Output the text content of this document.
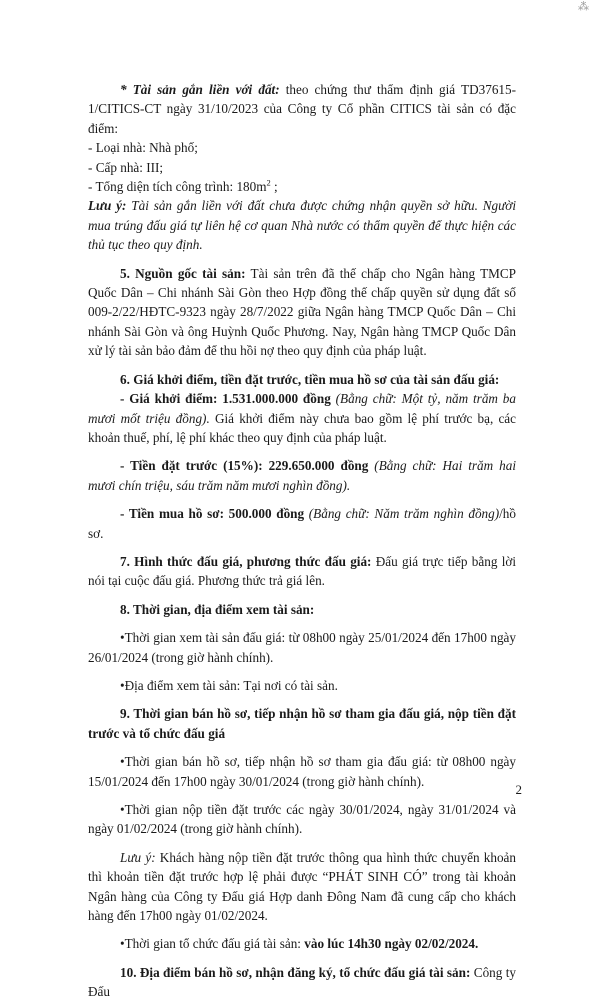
⁂

* Tài sản gắn liền với đất: theo chứng thư thẩm định giá TD37615-1/CITICS-CT ngày 31/10/2023 của Công ty Cổ phần CITICS tài sản có đặc điểm:

- Loại nhà: Nhà phố;

- Cấp nhà: III;

- Tổng diện tích công trình: $180m^2$ ;

Lưu ý: Tài sản gắn liền với đất chưa được chứng nhận quyền sở hữu. Người mua trúng đấu giá tự liên hệ cơ quan Nhà nước có thẩm quyền để thực hiện các thủ tục theo quy định.

5. Nguồn gốc tài sản: Tài sản trên đã thế chấp cho Ngân hàng TMCP Quốc Dân – Chi nhánh Sài Gòn theo Hợp đồng thế chấp quyền sử dụng đất số 009-2/22/HĐTC-9323 ngày 28/7/2022 giữa Ngân hàng TMCP Quốc Dân – Chi nhánh Sài Gòn và ông Huỳnh Quốc Phương. Nay, Ngân hàng TMCP Quốc Dân xử lý tài sản bảo đảm để thu hồi nợ theo quy định của pháp luật.

6. Giá khởi điểm, tiền đặt trước, tiền mua hồ sơ của tài sản đấu giá:

- Giá khởi điểm: 1.531.000.000 đồng (Bằng chữ: Một tỷ, năm trăm ba mươi mốt triệu đồng). Giá khởi điểm này chưa bao gồm lệ phí trước bạ, các khoản thuế, phí, lệ phí khác theo quy định của pháp luật.

- Tiền đặt trước (15%): 229.650.000 đồng (Bằng chữ: Hai trăm hai mươi chín triệu, sáu trăm năm mươi nghìn đồng).

- Tiền mua hồ sơ: 500.000 đồng (Bằng chữ: Năm trăm nghìn đồng)/hồ sơ.

7. Hình thức đấu giá, phương thức đấu giá: Đấu giá trực tiếp bằng lời nói tại cuộc đấu giá. Phương thức trả giá lên.

8. Thời gian, địa điểm xem tài sản:

•Thời gian xem tài sản đấu giá: từ 08h00 ngày 25/01/2024 đến 17h00 ngày 26/01/2024 (trong giờ hành chính).

•Địa điểm xem tài sản: Tại nơi có tài sản.

9. Thời gian bán hồ sơ, tiếp nhận hồ sơ tham gia đấu giá, nộp tiền đặt trước và tổ chức đấu giá

•Thời gian bán hồ sơ, tiếp nhận hồ sơ tham gia đấu giá: từ 08h00 ngày 15/01/2024 đến 17h00 ngày 30/01/2024 (trong giờ hành chính).

•Thời gian nộp tiền đặt trước các ngày 30/01/2024, ngày 31/01/2024 và ngày 01/02/2024 (trong giờ hành chính).

Lưu ý: Khách hàng nộp tiền đặt trước thông qua hình thức chuyển khoản thì khoản tiền đặt trước hợp lệ phải được “PHÁT SINH CÓ” trong tài khoản Ngân hàng của Công ty Đấu giá Hợp danh Đông Nam đã cung cấp cho khách hàng đến 17h00 ngày 01/02/2024.

•Thời gian tổ chức đấu giá tài sản: vào lúc 14h30 ngày 02/02/2024.

10. Địa điểm bán hồ sơ, nhận đăng ký, tổ chức đấu giá tài sản: Công ty Đấu

2
